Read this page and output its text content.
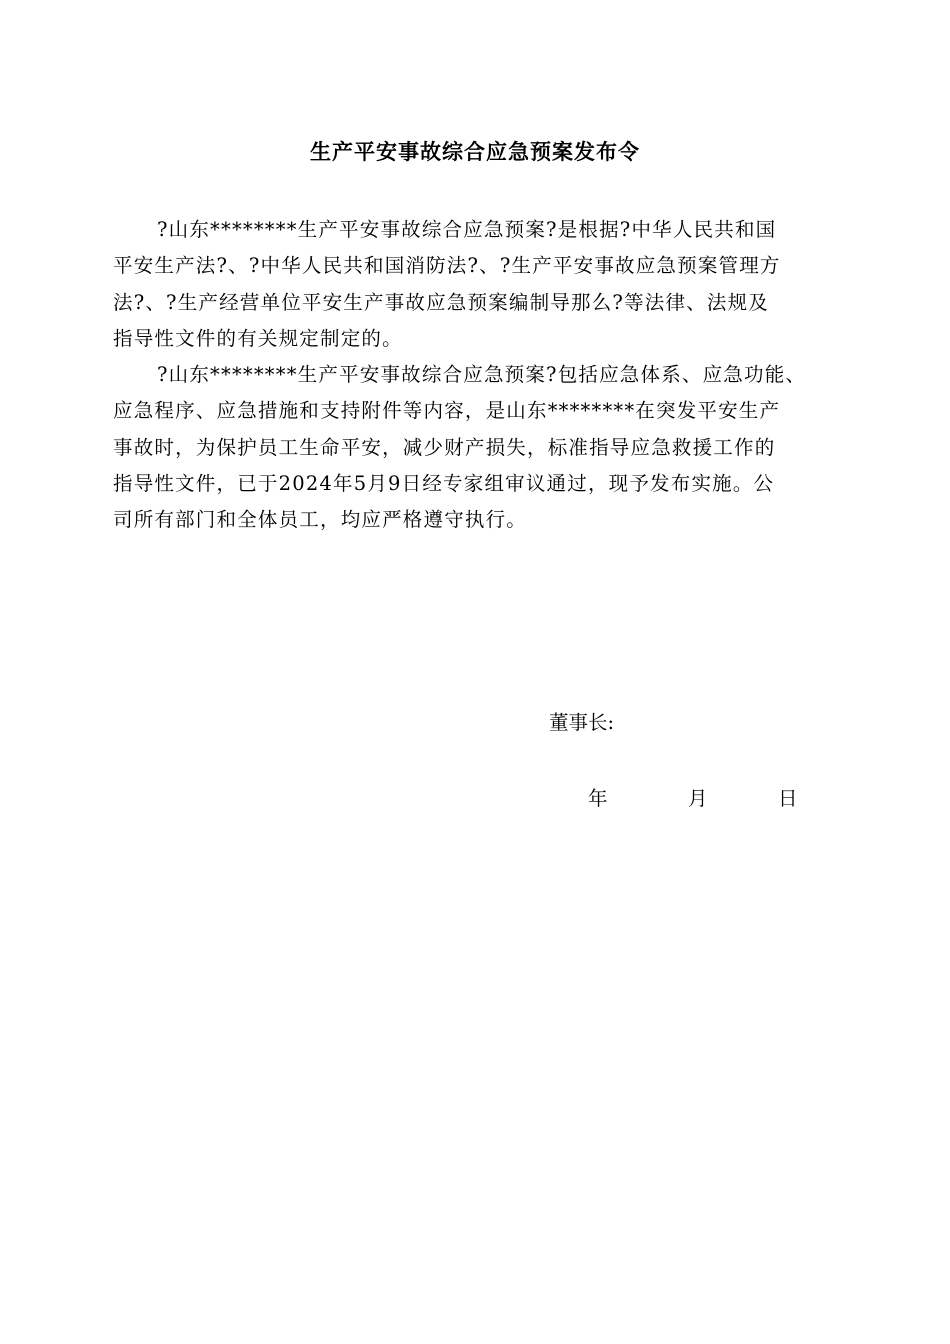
生产平安事故综合应急预案发布令
?山东********生产平安事故综合应急预案?是根据?中华人民共和国
平安生产法?、?中华人民共和国消防法?、?生产平安事故应急预案管理方
法?、?生产经营单位平安生产事故应急预案编制导那么?等法律、法规及
指导性文件的有关规定制定的。
?山东********生产平安事故综合应急预案?包括应急体系、应急功能、
应急程序、应急措施和支持附件等内容，是山东********在突发平安生产
事故时，为保护员工生命平安，减少财产损失，标准指导应急救援工作的
指导性文件，已于2024年5月9日经专家组审议通过，现予发布实施。公
司所有部门和全体员工，均应严格遵守执行。
董事长:
年	月	日
